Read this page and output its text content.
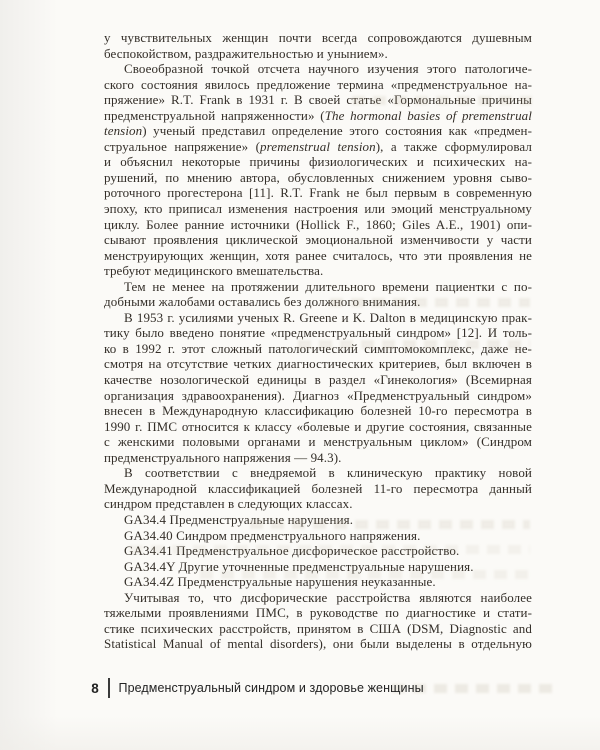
у чувствительных женщин почти всегда сопровождаются душевным
беспокойством, раздражительностью и унынием».
Своеобразной точкой отсчета научного изучения этого патологиче-
ского состояния явилось предложение термина «предменструальное на-
пряжение» R.T. Frank в 1931 г. В своей статье «Гормональные причины
предменструальной напряженности» (The hormonal basies of premenstrual
tension) ученый представил определение этого состояния как «предмен-
струальное напряжение» (premenstrual tension), а также сформулировал
и объяснил некоторые причины физиологических и психических на-
рушений, по мнению автора, обусловленных снижением уровня сыво-
роточного прогестерона [11]. R.T. Frank не был первым в современную
эпоху, кто приписал изменения настроения или эмоций менструальному
циклу. Более ранние источники (Hollick F., 1860; Giles A.E., 1901) опи-
сывают проявления циклической эмоциональной изменчивости у части
менструирующих женщин, хотя ранее считалось, что эти проявления не
требуют медицинского вмешательства.
Тем не менее на протяжении длительного времени пациентки с по-
добными жалобами оставались без должного внимания.
В 1953 г. усилиями ученых R. Greene и K. Dalton в медицинскую прак-
тику было введено понятие «предменструальный синдром» [12]. И толь-
ко в 1992 г. этот сложный патологический симптомокомплекс, даже не-
смотря на отсутствие четких диагностических критериев, был включен в
качестве нозологической единицы в раздел «Гинекология» (Всемирная
организация здравоохранения). Диагноз «Предменструальный синдром»
внесен в Международную классификацию болезней 10-го пересмотра в
1990 г. ПМС относится к классу «болевые и другие состояния, связанные
с женскими половыми органами и менструальным циклом» (Синдром
предменструального напряжения — 94.3).
В соответствии с внедряемой в клиническую практику новой
Международной классификацией болезней 11-го пересмотра данный
синдром представлен в следующих классах.
GA34.4 Предменструальные нарушения.
GA34.40 Синдром предменструального напряжения.
GA34.41 Предменструальное дисфорическое расстройство.
GA34.4Y Другие уточненные предменструальные нарушения.
GA34.4Z Предменструальные нарушения неуказанные.
Учитывая то, что дисфорические расстройства являются наиболее
тяжелыми проявлениями ПМС, в руководстве по диагностике и стати-
стике психических расстройств, принятом в США (DSM, Diagnostic and
Statistical Manual of mental disorders), они были выделены в отдельную
8 Предменструальный синдром и здоровье женщины
